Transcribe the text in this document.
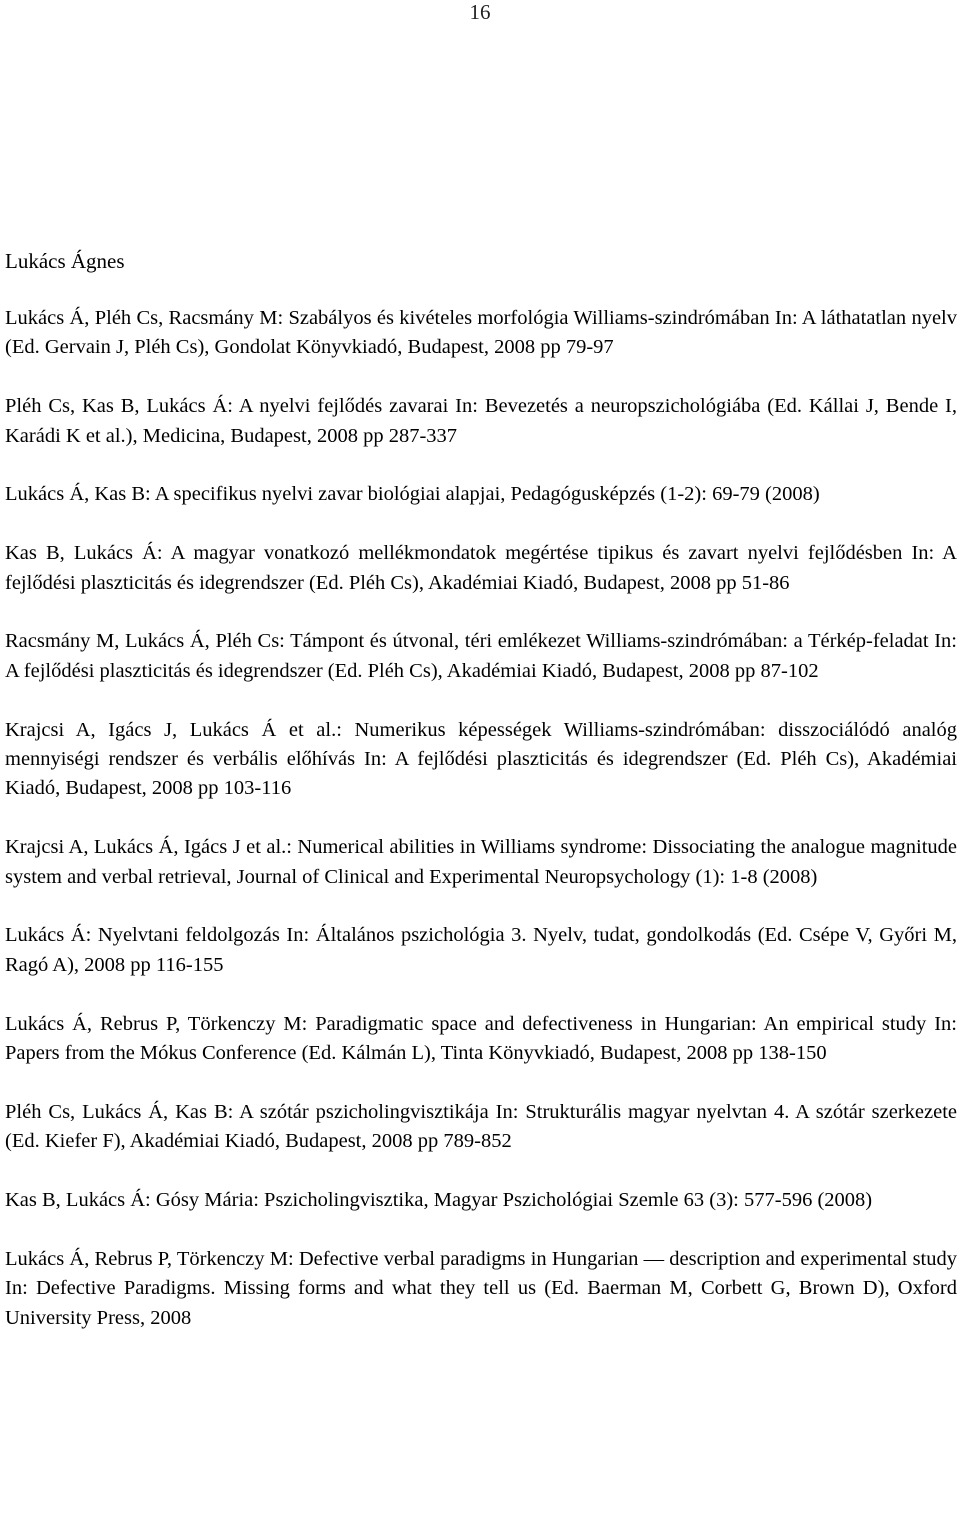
16
Lukács Ágnes

Lukács Á, Pléh Cs, Racsmány M: Szabályos és kivételes morfológia Williams-szindrómában In: A láthatatlan nyelv (Ed. Gervain J, Pléh Cs), Gondolat Könyvkiadó, Budapest, 2008 pp 79-97

Pléh Cs, Kas B, Lukács Á: A nyelvi fejlődés zavarai In: Bevezetés a neuropszichológiába (Ed. Kállai J, Bende I, Karádi K et al.), Medicina, Budapest, 2008 pp 287-337

Lukács Á, Kas B: A specifikus nyelvi zavar biológiai alapjai, Pedagógusképzés (1-2): 69-79 (2008)

Kas B, Lukács Á: A magyar vonatkozó mellékmondatok megértése tipikus és zavart nyelvi fejlődésben In: A fejlődési plaszticitás és idegrendszer (Ed. Pléh Cs), Akadémiai Kiadó, Budapest, 2008 pp 51-86

Racsmány M, Lukács Á, Pléh Cs: Támpont és útvonal, téri emlékezet Williams-szindrómában: a Térkép-feladat In: A fejlődési plaszticitás és idegrendszer (Ed. Pléh Cs), Akadémiai Kiadó, Budapest, 2008 pp 87-102

Krajcsi A, Igács J, Lukács Á et al.: Numerikus képességek Williams-szindrómában: disszociálódó analóg mennyiségi rendszer és verbális előhívás In: A fejlődési plaszticitás és idegrendszer (Ed. Pléh Cs), Akadémiai Kiadó, Budapest, 2008 pp 103-116

Krajcsi A, Lukács Á, Igács J et al.: Numerical abilities in Williams syndrome: Dissociating the analogue magnitude system and verbal retrieval, Journal of Clinical and Experimental Neuropsychology (1): 1-8 (2008)

Lukács Á: Nyelvtani feldolgozás In: Általános pszichológia 3. Nyelv, tudat, gondolkodás (Ed. Csépe V, Győri M, Ragó A), 2008 pp 116-155

Lukács Á, Rebrus P, Törkenczy M: Paradigmatic space and defectiveness in Hungarian: An empirical study In: Papers from the Mókus Conference (Ed. Kálmán L), Tinta Könyvkiadó, Budapest, 2008 pp 138-150

Pléh Cs, Lukács Á, Kas B: A szótár pszicholingvisztikája In: Strukturális magyar nyelvtan 4. A szótár szerkezete (Ed. Kiefer F), Akadémiai Kiadó, Budapest, 2008 pp 789-852

Kas B, Lukács Á: Gósy Mária: Pszicholingvisztika, Magyar Pszichológiai Szemle 63 (3): 577-596 (2008)

Lukács Á, Rebrus P, Törkenczy M: Defective verbal paradigms in Hungarian — description and experimental study In: Defective Paradigms. Missing forms and what they tell us (Ed. Baerman M, Corbett G, Brown D), Oxford University Press, 2008
